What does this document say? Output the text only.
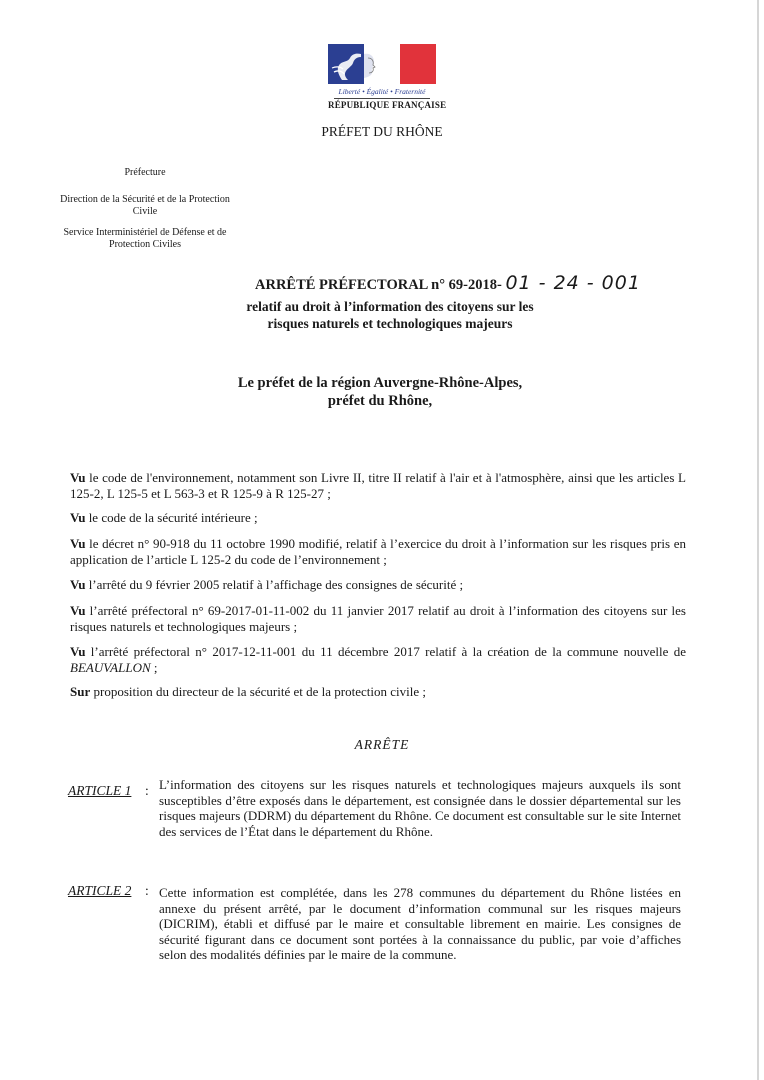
Liberté • Égalité • Fraternité
RÉPUBLIQUE FRANÇAISE
PRÉFET DU RHÔNE
Préfecture
Direction de la Sécurité et de la Protection Civile
Service Interministériel de Défense et de Protection Civiles
ARRÊTÉ PRÉFECTORAL n° 69-2018- 01 - 24 - 001
relatif au droit à l’information des citoyens sur les risques naturels et technologiques majeurs
Le préfet de la région Auvergne-Rhône-Alpes,
préfet du Rhône,
Vu le code de l'environnement, notamment son Livre II, titre II relatif à l'air et à l'atmosphère, ainsi que les articles L 125-2, L 125-5 et L 563-3 et R 125-9 à R 125-27 ;
Vu le code de la sécurité intérieure ;
Vu le décret n° 90-918 du 11 octobre 1990 modifié, relatif à l’exercice du droit à l’information sur les risques pris en application de l’article L 125-2 du code de l’environnement ;
Vu l’arrêté du 9 février 2005 relatif à l’affichage des consignes de sécurité ;
Vu l’arrêté préfectoral n° 69-2017-01-11-002 du 11 janvier 2017 relatif au droit à l’information des citoyens sur les risques naturels et technologiques majeurs ;
Vu l’arrêté préfectoral n° 2017-12-11-001 du 11 décembre 2017 relatif à la création de la commune nouvelle de BEAUVALLON ;
Sur proposition du directeur de la sécurité et de la protection civile ;
ARRÊTE
ARTICLE 1 : L’information des citoyens sur les risques naturels et technologiques majeurs auxquels ils sont susceptibles d’être exposés dans le département, est consignée dans le dossier départemental sur les risques majeurs (DDRM) du département du Rhône. Ce document est consultable sur le site Internet des services de l’État dans le département du Rhône.
ARTICLE 2 : Cette information est complétée, dans les 278 communes du département du Rhône listées en annexe du présent arrêté, par le document d’information communal sur les risques majeurs (DICRIM), établi et diffusé par le maire et consultable librement en mairie. Les consignes de sécurité figurant dans ce document sont portées à la connaissance du public, par voie d’affiches selon des modalités définies par le maire de la commune.
